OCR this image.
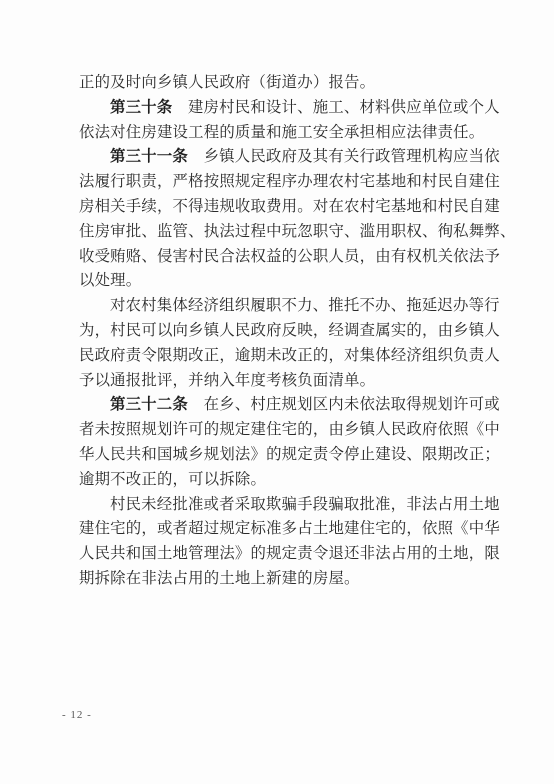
正的及时向乡镇人民政府（街道办）报告。
第三十条　 建房村民和设计、施工、材料供应单位或个人
依法对住房建设工程的质量和施工安全承担相应法律责任。
第三十一条　 乡镇人民政府及其有关行政管理机构应当依
法履行职责，严格按照规定程序办理农村宅基地和村民自建住
房相关手续，不得违规收取费用。对在农村宅基地和村民自建
住房审批、监管、执法过程中玩忽职守、滥用职权、徇私舞弊、
收受贿赂、侵害村民合法权益的公职人员，由有权机关依法予
以处理。
对农村集体经济组织履职不力、推托不办、拖延迟办等行
为，村民可以向乡镇人民政府反映，经调查属实的，由乡镇人
民政府责令限期改正，逾期未改正的，对集体经济组织负责人
予以通报批评，并纳入年度考核负面清单。
第三十二条　 在乡、村庄规划区内未依法取得规划许可或
者未按照规划许可的规定建住宅的，由乡镇人民政府依照《中
华人民共和国城乡规划法》的规定责令停止建设、限期改正；
逾期不改正的，可以拆除。
村民未经批准或者采取欺骗手段骗取批准，非法占用土地
建住宅的，或者超过规定标准多占土地建住宅的，依照《中华
人民共和国土地管理法》的规定责令退还非法占用的土地，限
期拆除在非法占用的土地上新建的房屋。
- 12 -
